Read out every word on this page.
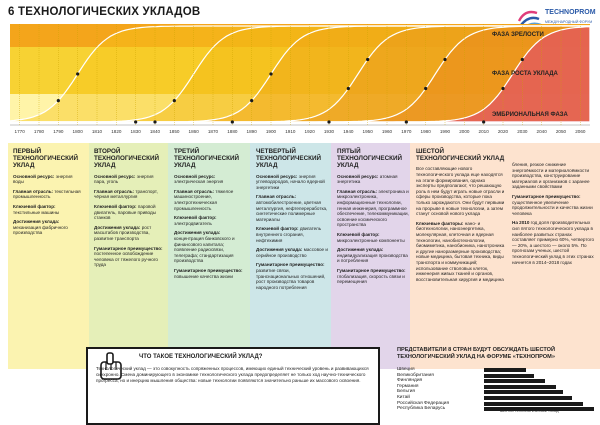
6 ТЕХНОЛОГИЧЕСКИХ УКЛАДОВ	TECHNOPROM
МЕЖДУНАРОДНЫЙ ФОРУМ
1770 1780 1790 1800 1810 1820 1830 1840 1850 1860 1870 1880 1890 1900 1910 1920 1930 1940 1950 1960 1970 1980 1990 2000 2010 2020 2030 2040 2050 2060
ФАЗА ЗРЕЛОСТИ
ФАЗА РОСТА УКЛАДА
ЭМБРИОНАЛЬНАЯ ФАЗА
ПЕРВЫЙ ТЕХНОЛОГИЧЕСКИЙ УКЛАД
Основной ресурс: энергия воды
Главная отрасль: текстильная промышленность
Ключевой фактор: текстильные машины
Достижения уклада: механизация фабричного производства
ВТОРОЙ ТЕХНОЛОГИЧЕСКИЙ УКЛАД
Основной ресурс: энергия пара, уголь
Главная отрасль: транспорт, чёрная металлургия
Ключевой фактор: паровой двигатель, паровые приводы станков
Достижения уклада: рост масштабов производства, развитие транспорта
Гуманитарное преимущество: постепенное освобождение человека от тяжелого ручного труда
ТРЕТИЙ ТЕХНОЛОГИЧЕСКИЙ УКЛАД
Основной ресурс: электрическая энергия
Главная отрасль: тяжелое машиностроение, электротехническая промышленность
Ключевой фактор: электродвигатель
Достижения уклада: концентрация банковского и финансового капитала; появление радиосвязи, телеграфа; стандартизация производства
Гуманитарное преимущество: повышение качества жизни
ЧЕТВЕРТЫЙ ТЕХНОЛОГИЧЕСКИЙ УКЛАД
Основной ресурс: энергия углеводородов, начало ядерной энергетики
Главная отрасль: автомобилестроение, цветная металлургия, нефтепереработка, синтетические полимерные материалы
Ключевой фактор: двигатель внутреннего сгорания, нефтехимия
Достижения уклада: массовое и серийное производство
Гуманитарное преимущество: развитие связи, транснациональных отношений, рост производства товаров народного потребления
ПЯТЫЙ ТЕХНОЛОГИЧЕСКИЙ УКЛАД
Основной ресурс: атомная энергетика
Главная отрасль: электроника и микроэлектроника, информационные технологии, генная инженерия, программное обеспечение, телекоммуникации, освоение космического пространства
Ключевой фактор: микроэлектронные компоненты
Достижения уклада: индивидуализация производства и потребления
Гуманитарное преимущество: глобализация, скорость связи и перемещения
ШЕСТОЙ ТЕХНОЛОГИЧЕСКИЙ УКЛАД
Все составляющие нового технологического уклада еще находятся на этапе формирования, однако эксперты предполагают, что решающую роль в нем будут играть новые отрасли и сферы производства, которые пока только зарождаются. Они будут первыми на прорыве в новые технологии, а затем станут основой нового уклада
Ключевые факторы: нано- и биотехнологии, наноэнергетика, молекулярная, клеточная и ядерная технологии, нанобиотехнологии, биомиметика, нанобионика, нанотроника и другие наноразмерные производства; новые медицина, бытовая техника, виды транспорта и коммуникаций; использование стволовых клеток, инженерия живых тканей и органов, восстановительная хирургия и медицина
бления, резкое снижение энергоёмкости и материалоёмкости производства, конструирование материалов и организмов с заранее заданными свойствами
Гуманитарное преимущество: существенное увеличение продолжительности и качества жизни человека
На 2010 год доля производительных сил пятого технологического уклада в наиболее развитых странах составляет примерно 60%, четвертого — 20%, а шестого — около 5%. По прогнозам ученых, шестой технологический уклад в этих странах начнется в 2014–2018 годах
ЧТО ТАКОЕ ТЕХНОЛОГИЧЕСКИЙ УКЛАД?
Технологический уклад — это совокупность сопряженных процессов, имеющих единый технический уровень и развивающихся синхронно. Смена доминирующего в экономике технологического уклада предопределяет не только ход научно-технического прогресса, но и инерцию мышления общества: новые технологии появляются значительно раньше их массового освоения.
ПРЕДСТАВИТЕЛИ 8 СТРАН БУДУТ ОБСУЖДАТЬ ШЕСТОЙ ТЕХНОЛОГИЧЕСКИЙ УКЛАД НА ФОРУМЕ «ТЕХНОПРОМ»
Швеция
Великобритания
Финляндия
Германия
Бельгия
Китай
Российская Федерация
Республика Беларусь	ШЕСТОЙ ТЕХНОЛОГИЧЕСКИЙ УКЛАД
